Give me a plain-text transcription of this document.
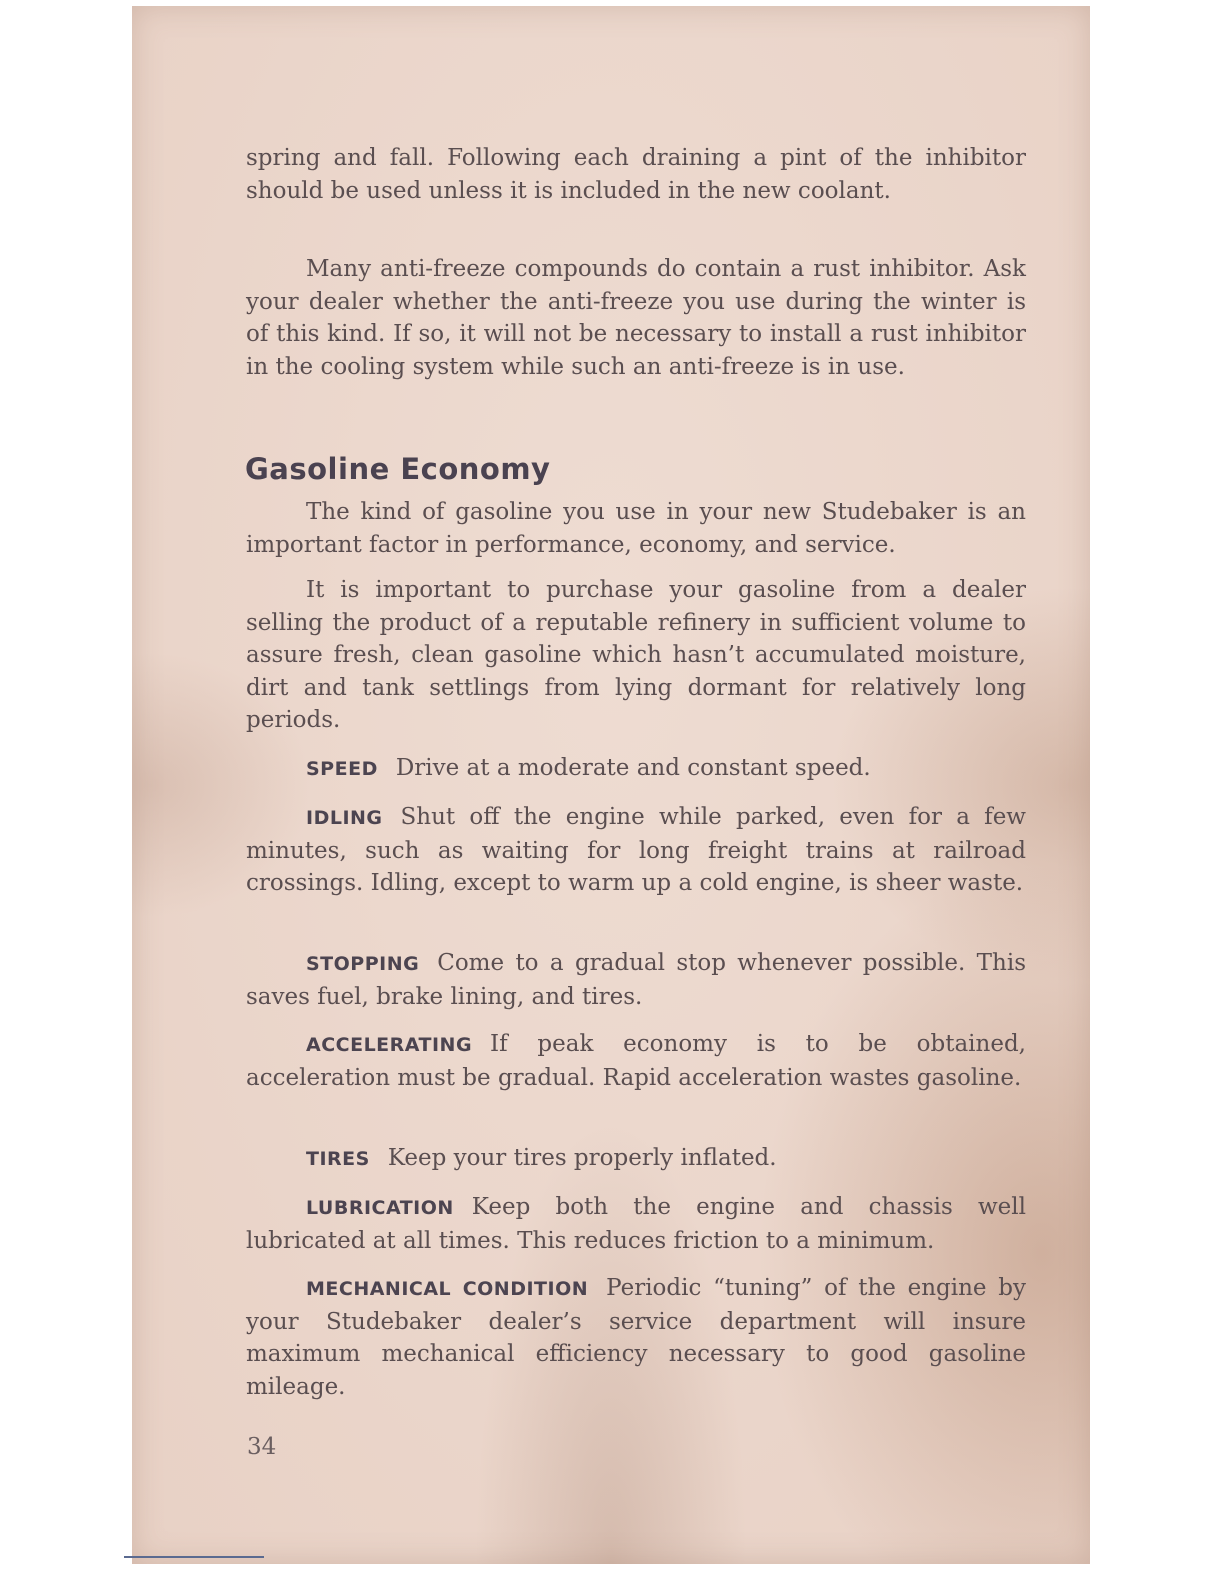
spring and fall. Following each draining a pint of the inhibitor should be used unless it is included in the new coolant.

Many anti-freeze compounds do contain a rust inhibitor. Ask your dealer whether the anti-freeze you use during the winter is of this kind. If so, it will not be necessary to install a rust inhibitor in the cooling system while such an anti-freeze is in use.

Gasoline Economy

The kind of gasoline you use in your new Studebaker is an important factor in performance, economy, and service.

It is important to purchase your gasoline from a dealer selling the product of a reputable refinery in sufficient volume to assure fresh, clean gasoline which hasn’t accumulated moisture, dirt and tank settlings from lying dormant for relatively long periods.

SPEED Drive at a moderate and constant speed.

IDLING Shut off the engine while parked, even for a few minutes, such as waiting for long freight trains at railroad crossings. Idling, except to warm up a cold engine, is sheer waste.

STOPPING Come to a gradual stop whenever possible. This saves fuel, brake lining, and tires.

ACCELERATING If peak economy is to be obtained, acceleration must be gradual. Rapid acceleration wastes gasoline.

TIRES Keep your tires properly inflated.

LUBRICATION Keep both the engine and chassis well lubricated at all times. This reduces friction to a minimum.

MECHANICAL CONDITION Periodic “tuning” of the engine by your Studebaker dealer’s service department will insure maximum mechanical efficiency necessary to good gasoline mileage.

34
